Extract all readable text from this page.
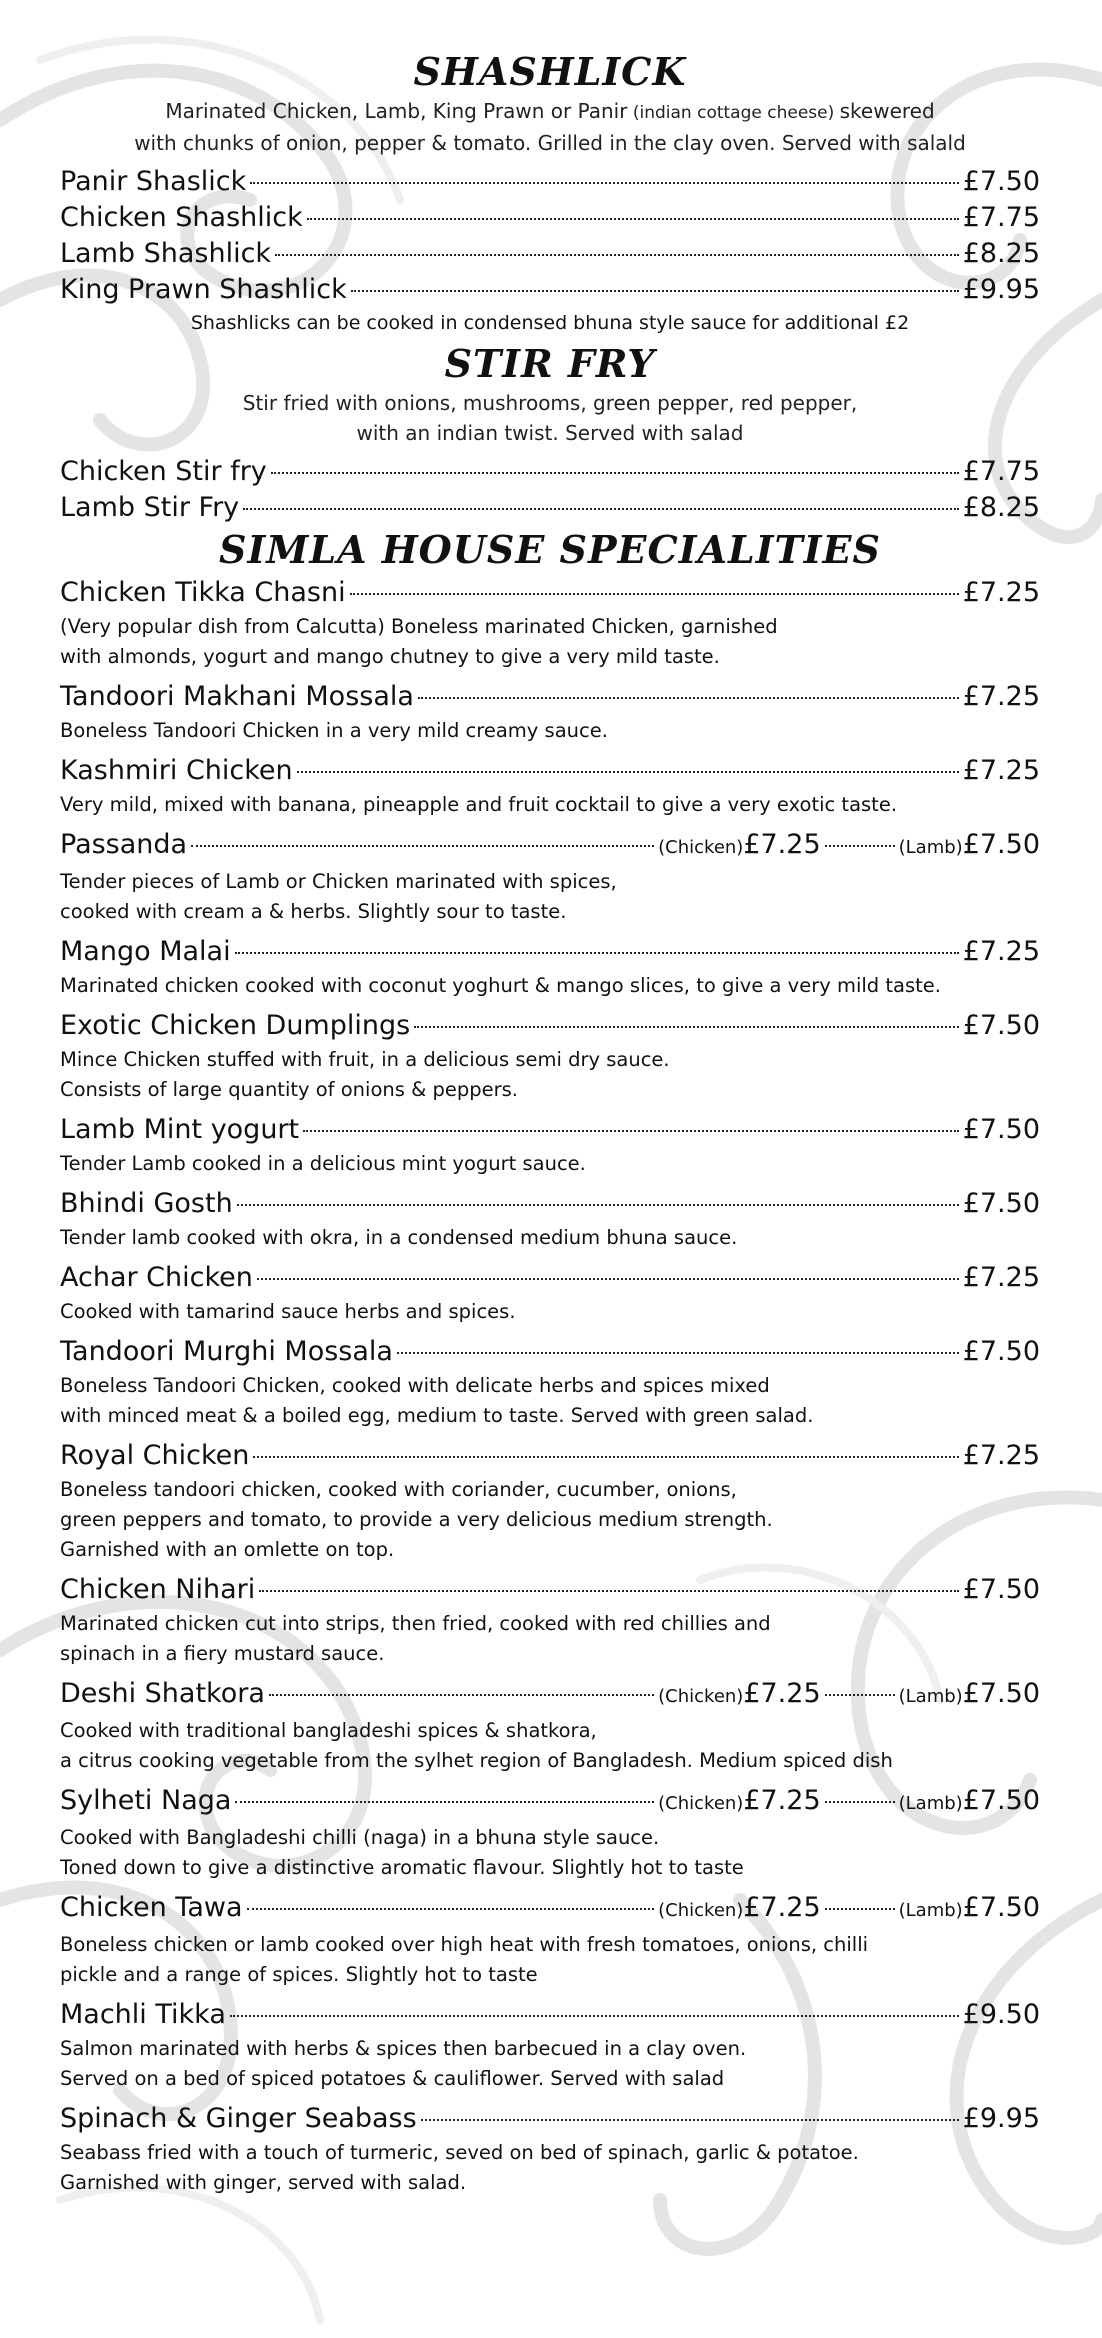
SHASHLICK

Marinated Chicken, Lamb, King Prawn or Panir (indian cottage cheese) skewered
with chunks of onion, pepper & tomato. Grilled in the clay oven. Served with salald

Panir Shaslick	£7.50
Chicken Shashlick	£7.75
Lamb Shashlick	£8.25
King Prawn Shashlick	£9.95

Shashlicks can be cooked in condensed bhuna style sauce for additional £2

STIR FRY

Stir fried with onions, mushrooms, green pepper, red pepper,
with an indian twist. Served with salad

Chicken Stir fry	£7.75
Lamb Stir Fry	£8.25
SIMLA HOUSE SPECIALITIES
Chicken Tikka Chasni	£7.25
(Very popular dish from Calcutta) Boneless marinated Chicken, garnished
with almonds, yogurt and mango chutney to give a very mild taste.
Tandoori Makhani Mossala	£7.25
Boneless Tandoori Chicken in a very mild creamy sauce.
Kashmiri Chicken	£7.25
Very mild, mixed with banana, pineapple and fruit cocktail to give a very exotic taste.
Passanda	(Chicken) £7.25	(Lamb) £7.50
Tender pieces of Lamb or Chicken marinated with spices,
cooked with cream a & herbs. Slightly sour to taste.
Mango Malai	£7.25
Marinated chicken cooked with coconut yoghurt & mango slices, to give a very mild taste.
Exotic Chicken Dumplings	£7.50
Mince Chicken stuffed with fruit, in a delicious semi dry sauce.
Consists of large quantity of onions & peppers.
Lamb Mint yogurt	£7.50
Tender Lamb cooked in a delicious mint yogurt sauce.
Bhindi Gosth	£7.50
Tender lamb cooked with okra, in a condensed medium bhuna sauce.
Achar Chicken	£7.25
Cooked with tamarind sauce herbs and spices.
Tandoori Murghi Mossala	£7.50
Boneless Tandoori Chicken, cooked with delicate herbs and spices mixed
with minced meat & a boiled egg, medium to taste. Served with green salad.
Royal Chicken	£7.25
Boneless tandoori chicken, cooked with coriander, cucumber, onions,
green peppers and tomato, to provide a very delicious medium strength.
Garnished with an omlette on top.
Chicken Nihari	£7.50
Marinated chicken cut into strips, then fried, cooked with red chillies and
spinach in a fiery mustard sauce.
Deshi Shatkora	(Chicken) £7.25	(Lamb) £7.50
Cooked with traditional bangladeshi spices & shatkora,
a citrus cooking vegetable from the sylhet region of Bangladesh. Medium spiced dish
Sylheti Naga	(Chicken) £7.25	(Lamb) £7.50
Cooked with Bangladeshi chilli (naga) in a bhuna style sauce.
Toned down to give a distinctive aromatic flavour. Slightly hot to taste
Chicken Tawa	(Chicken) £7.25	(Lamb) £7.50
Boneless chicken or lamb cooked over high heat with fresh tomatoes, onions, chilli
pickle and a range of spices. Slightly hot to taste
Machli Tikka	£9.50
Salmon marinated with herbs & spices then barbecued in a clay oven.
Served on a bed of spiced potatoes & cauliflower. Served with salad
Spinach & Ginger Seabass	£9.95
Seabass fried with a touch of turmeric, seved on bed of spinach, garlic & potatoe.
Garnished with ginger, served with salad.
